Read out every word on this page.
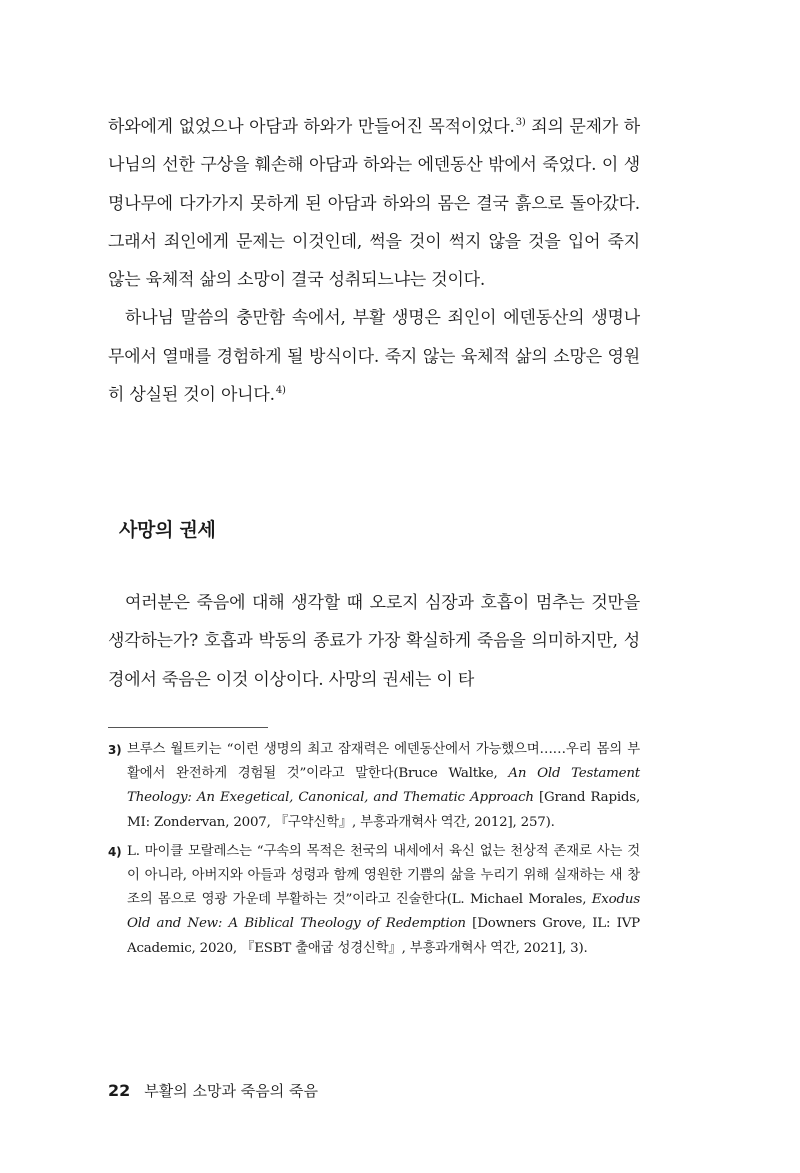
하와에게 없었으나 아담과 하와가 만들어진 목적이었다.$^{3)}$ 죄의 문제가 하나님의 선한 구상을 훼손해 아담과 하와는 에덴동산 밖에서 죽었다. 이 생명나무에 다가가지 못하게 된 아담과 하와의 몸은 결국 흙으로 돌아갔다. 그래서 죄인에게 문제는 이것인데, 썩을 것이 썩지 않을 것을 입어 죽지 않는 육체적 삶의 소망이 결국 성취되느냐는 것이다.

하나님 말씀의 충만함 속에서, 부활 생명은 죄인이 에덴동산의 생명나무에서 열매를 경험하게 될 방식이다. 죽지 않는 육체적 삶의 소망은 영원히 상실된 것이 아니다.$^{4)}$

사망의 권세

여러분은 죽음에 대해 생각할 때 오로지 심장과 호흡이 멈추는 것만을 생각하는가? 호흡과 박동의 종료가 가장 확실하게 죽음을 의미하지만, 성경에서 죽음은 이것 이상이다. 사망의 권세는 이 타

3) 브루스 월트키는 “이런 생명의 최고 잠재력은 에덴동산에서 가능했으며……우리 몸의 부활에서 완전하게 경험될 것”이라고 말한다(Bruce Waltke, An Old Testament Theology: An Exegetical, Canonical, and Thematic Approach [Grand Rapids, MI: Zondervan, 2007, 『구약신학』, 부흥과개혁사 역간, 2012], 257).
4) L. 마이클 모랄레스는 “구속의 목적은 천국의 내세에서 육신 없는 천상적 존재로 사는 것이 아니라, 아버지와 아들과 성령과 함께 영원한 기쁨의 삶을 누리기 위해 실재하는 새 창조의 몸으로 영광 가운데 부활하는 것”이라고 진술한다(L. Michael Morales, Exodus Old and New: A Biblical Theology of Redemption [Downers Grove, IL: IVP Academic, 2020, 『ESBT 출애굽 성경신학』, 부흥과개혁사 역간, 2021], 3).
22 부활의 소망과 죽음의 죽음
